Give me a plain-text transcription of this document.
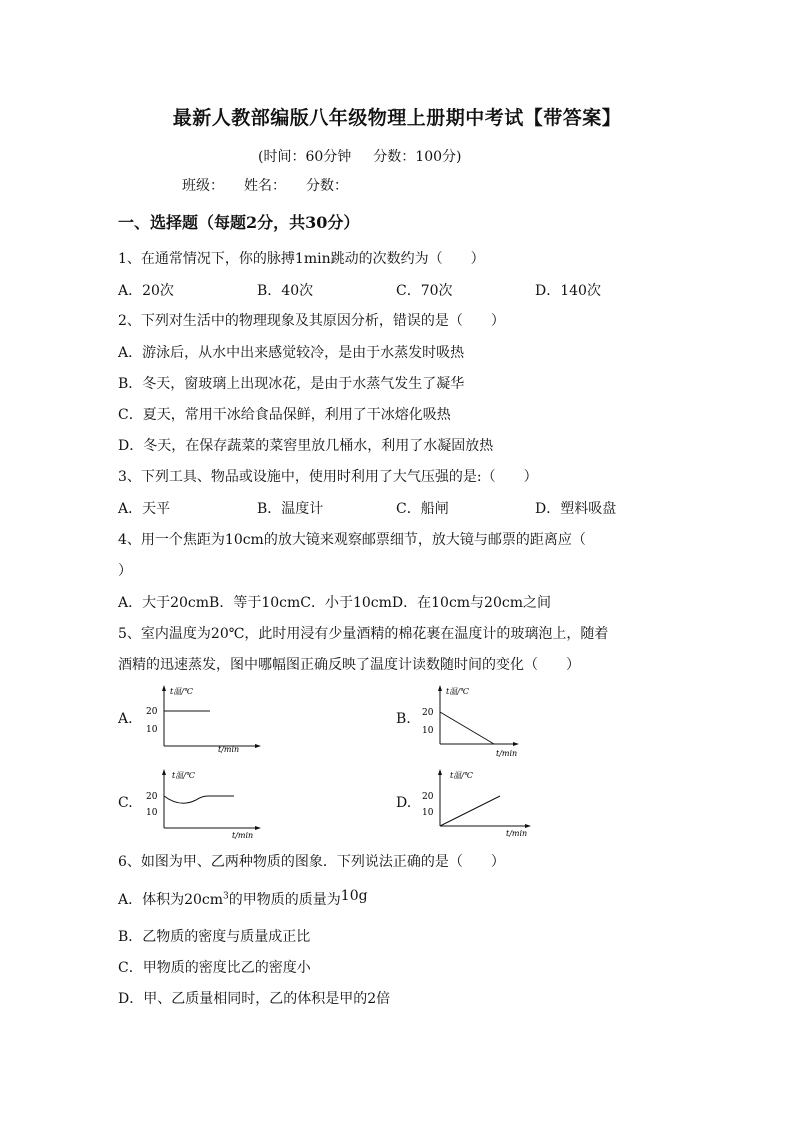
最新人教部编版八年级物理上册期中考试【带答案】
(时间：60分钟 分数：100分)
班级： 姓名： 分数：
一、选择题（每题2分，共30分）
1、在通常情况下，你的脉搏1min跳动的次数约为（　　）
A．20次	B．40次	C．70次	D．140次
2、下列对生活中的物理现象及其原因分析，错误的是（　　）
A．游泳后，从水中出来感觉较冷，是由于水蒸发时吸热
B．冬天，窗玻璃上出现冰花，是由于水蒸气发生了凝华
C．夏天，常用干冰给食品保鲜，利用了干冰熔化吸热
D．冬天，在保存蔬菜的菜窖里放几桶水，利用了水凝固放热
3、下列工具、物品或设施中，使用时利用了大气压强的是:（　　）
A．天平	B．温度计	C．船闸	D．塑料吸盘
4、用一个焦距为10cm的放大镜来观察邮票细节，放大镜与邮票的距离应（
）
A．大于20cmB．等于10cmC．小于10cmD．在10cm与20cm之间
5、室内温度为20℃，此时用浸有少量酒精的棉花裹在温度计的玻璃泡上，随着
酒精的迅速蒸发，图中哪幅图正确反映了温度计读数随时间的变化（　　）
A.
t温/℃
20
10
t/min
B.
t温/℃
20
10
t/min
C.
t温/℃
20
10
t/min
D.
t温/℃
20
10
t/min
6、如图为甲、乙两种物质的图象．下列说法正确的是（　　）
A．体积为$20cm^3$的甲物质的质量为10g
B．乙物质的密度与质量成正比
C．甲物质的密度比乙的密度小
D．甲、乙质量相同时，乙的体积是甲的2倍
